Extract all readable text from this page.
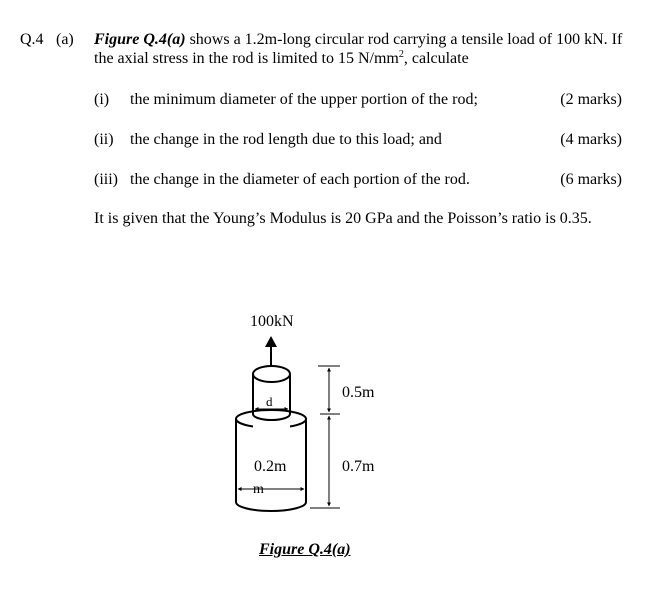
Q.4 (a) Figure Q.4(a) shows a 1.2m-long circular rod carrying a tensile load of 100 kN. If the axial stress in the rod is limited to 15 $N/mm^2$, calculate
(i) the minimum diameter of the upper portion of the rod;	(2 marks)
(ii) the change in the rod length due to this load; and	(4 marks)
(iii) the change in the diameter of each portion of the rod.	(6 marks)
It is given that the Young’s Modulus is 20 GPa and the Poisson’s ratio is 0.35.
100kN
d
0.2m
m
0.5m
0.7m
Figure Q.4(a)
